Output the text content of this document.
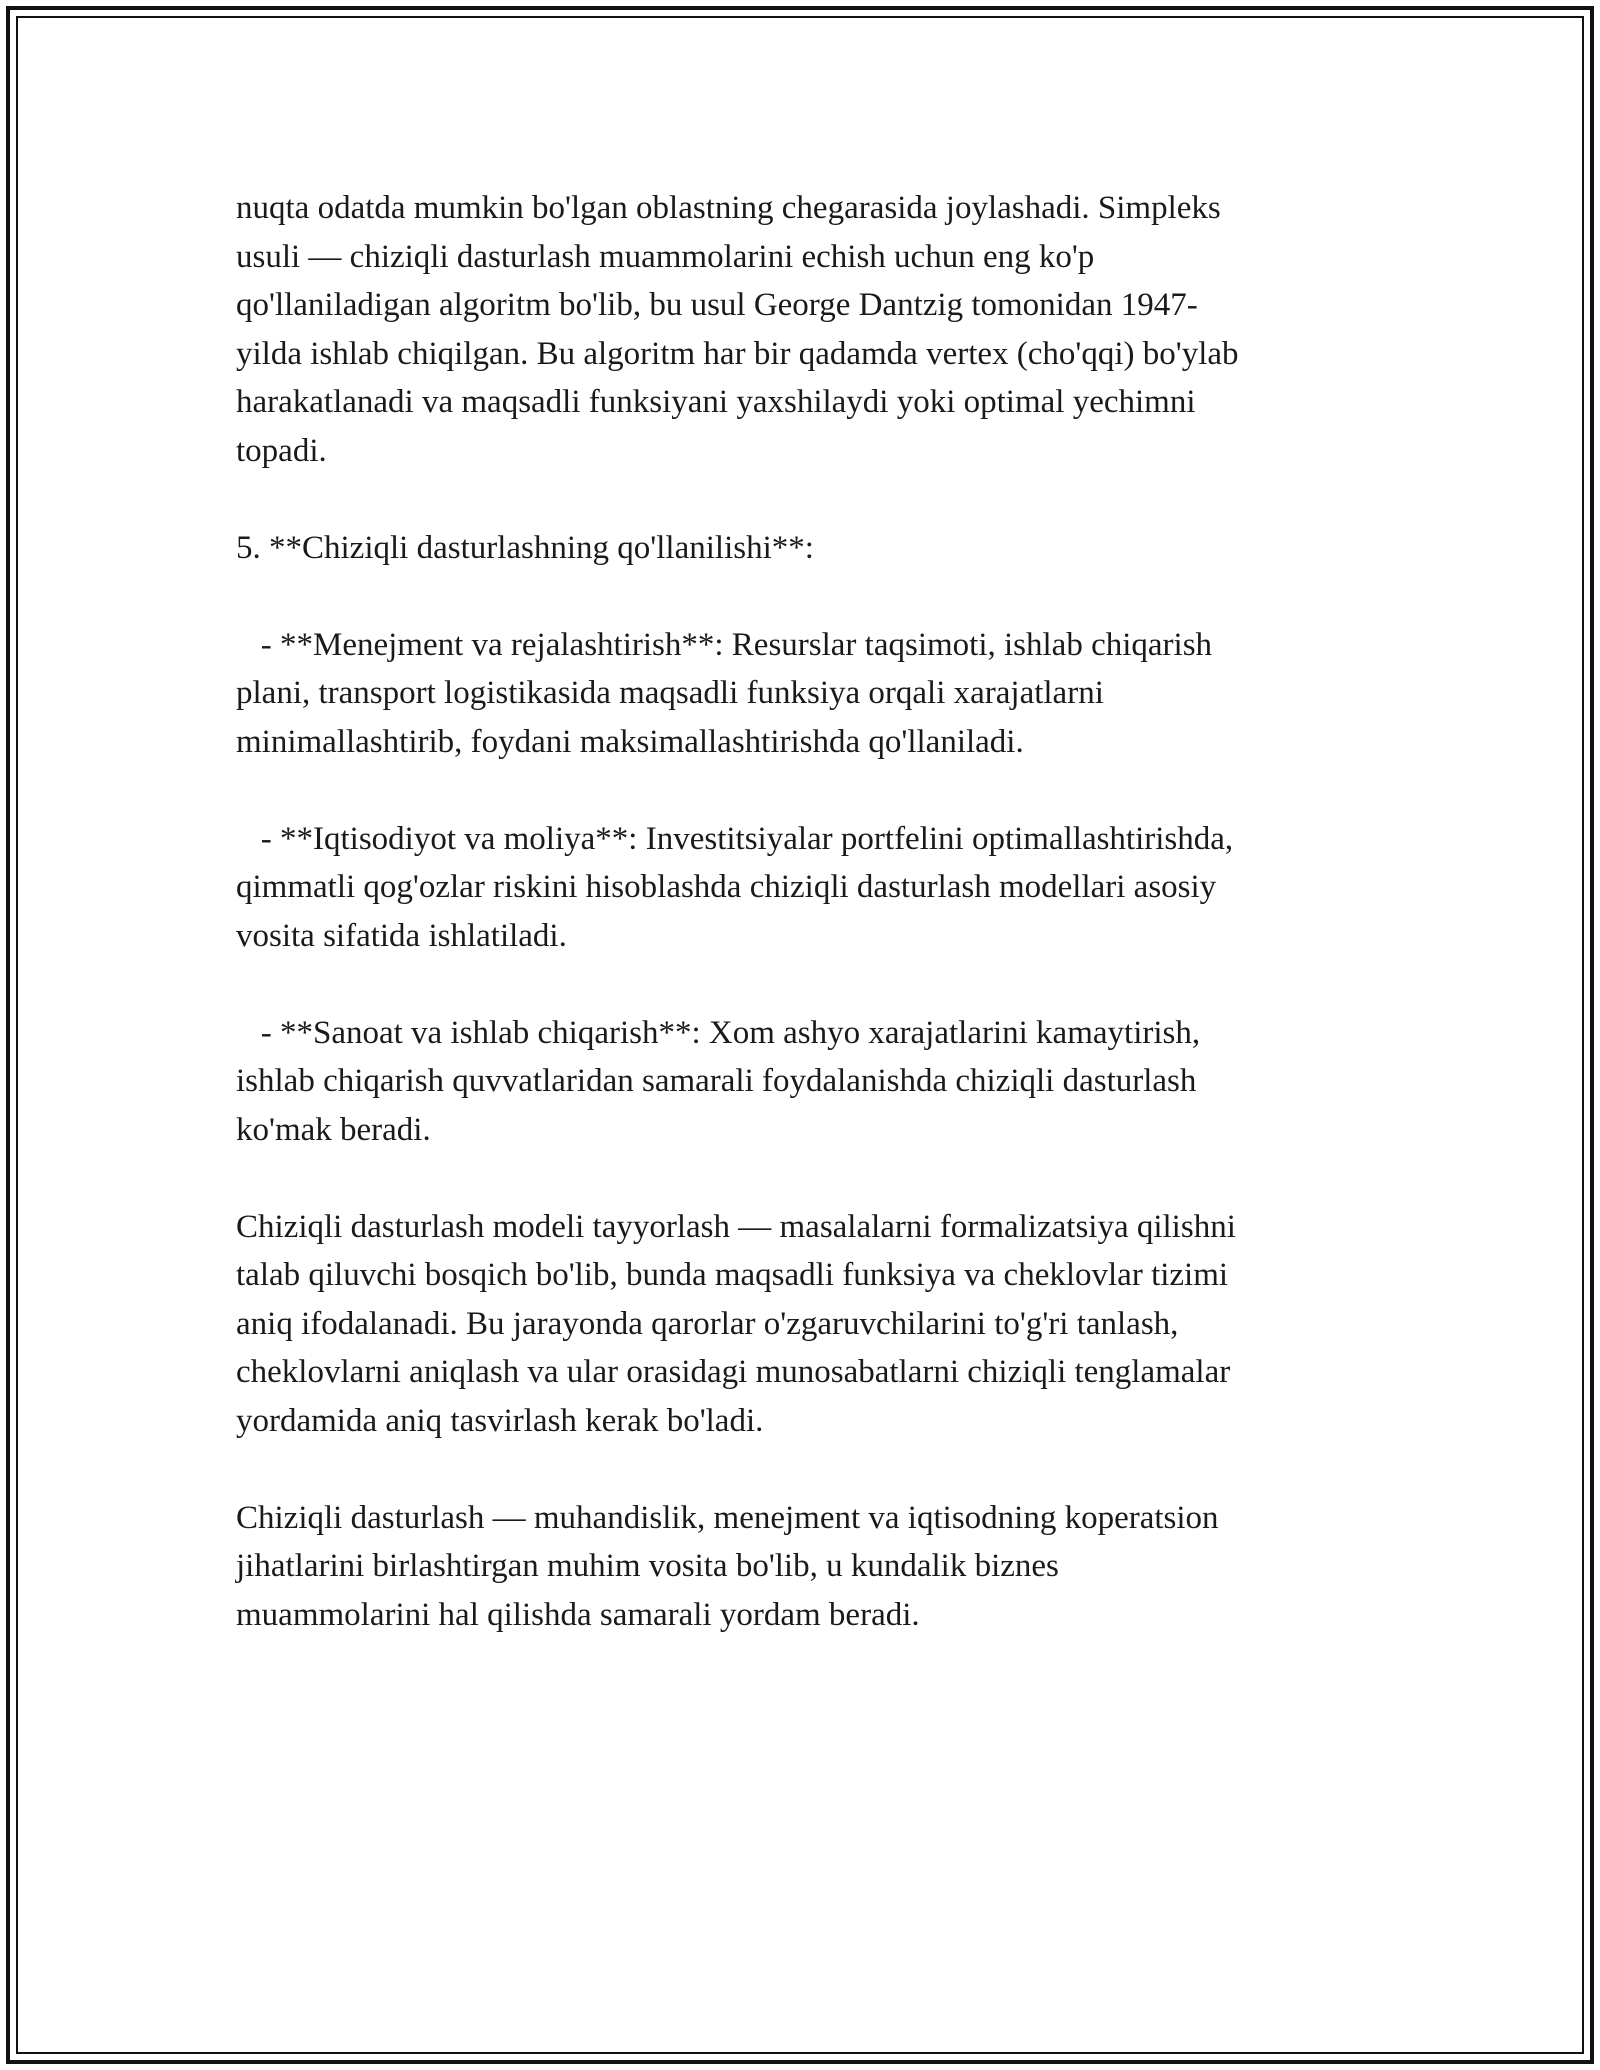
nuqta odatda mumkin bo'lgan oblastning chegarasida joylashadi. Simpleks

usuli — chiziqli dasturlash muammolarini echish uchun eng ko'p

qo'llaniladigan algoritm bo'lib, bu usul George Dantzig tomonidan 1947-

yilda ishlab chiqilgan. Bu algoritm har bir qadamda vertex (cho'qqi) bo'ylab

harakatlanadi va maqsadli funksiyani yaxshilaydi yoki optimal yechimni

topadi.

5. **Chiziqli dasturlashning qo'llanilishi**:

- **Menejment va rejalashtirish**: Resurslar taqsimoti, ishlab chiqarish

plani, transport logistikasida maqsadli funksiya orqali xarajatlarni

minimallashtirib, foydani maksimallashtirishda qo'llaniladi.

- **Iqtisodiyot va moliya**: Investitsiyalar portfelini optimallashtirishda,

qimmatli qog'ozlar riskini hisoblashda chiziqli dasturlash modellari asosiy

vosita sifatida ishlatiladi.

- **Sanoat va ishlab chiqarish**: Xom ashyo xarajatlarini kamaytirish,

ishlab chiqarish quvvatlaridan samarali foydalanishda chiziqli dasturlash

ko'mak beradi.

Chiziqli dasturlash modeli tayyorlash — masalalarni formalizatsiya qilishni

talab qiluvchi bosqich bo'lib, bunda maqsadli funksiya va cheklovlar tizimi

aniq ifodalanadi. Bu jarayonda qarorlar o'zgaruvchilarini to'g'ri tanlash,

cheklovlarni aniqlash va ular orasidagi munosabatlarni chiziqli tenglamalar

yordamida aniq tasvirlash kerak bo'ladi.

Chiziqli dasturlash — muhandislik, menejment va iqtisodning koperatsion

jihatlarini birlashtirgan muhim vosita bo'lib, u kundalik biznes

muammolarini hal qilishda samarali yordam beradi.
